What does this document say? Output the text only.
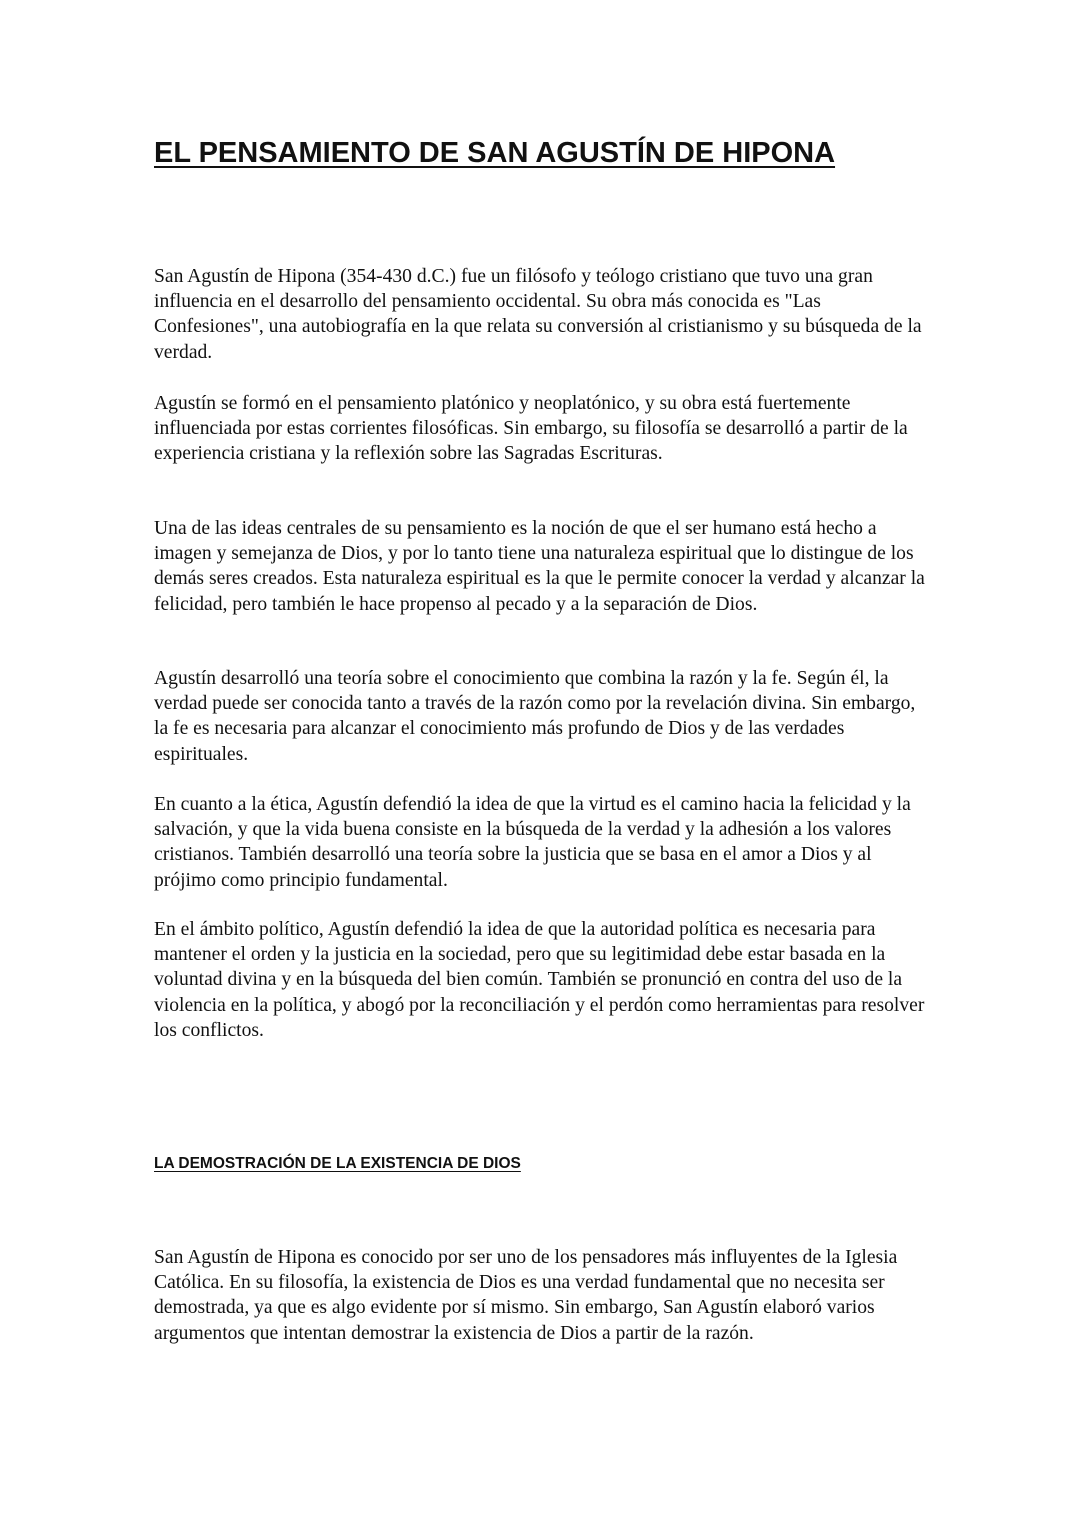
EL PENSAMIENTO DE SAN AGUSTÍN DE HIPONA

San Agustín de Hipona (354-430 d.C.) fue un filósofo y teólogo cristiano que tuvo una gran influencia en el desarrollo del pensamiento occidental. Su obra más conocida es "Las Confesiones", una autobiografía en la que relata su conversión al cristianismo y su búsqueda de la verdad.

Agustín se formó en el pensamiento platónico y neoplatónico, y su obra está fuertemente influenciada por estas corrientes filosóficas. Sin embargo, su filosofía se desarrolló a partir de la experiencia cristiana y la reflexión sobre las Sagradas Escrituras.

Una de las ideas centrales de su pensamiento es la noción de que el ser humano está hecho a imagen y semejanza de Dios, y por lo tanto tiene una naturaleza espiritual que lo distingue de los demás seres creados. Esta naturaleza espiritual es la que le permite conocer la verdad y alcanzar la felicidad, pero también le hace propenso al pecado y a la separación de Dios.

Agustín desarrolló una teoría sobre el conocimiento que combina la razón y la fe. Según él, la verdad puede ser conocida tanto a través de la razón como por la revelación divina. Sin embargo, la fe es necesaria para alcanzar el conocimiento más profundo de Dios y de las verdades espirituales.

En cuanto a la ética, Agustín defendió la idea de que la virtud es el camino hacia la felicidad y la salvación, y que la vida buena consiste en la búsqueda de la verdad y la adhesión a los valores cristianos. También desarrolló una teoría sobre la justicia que se basa en el amor a Dios y al prójimo como principio fundamental.

En el ámbito político, Agustín defendió la idea de que la autoridad política es necesaria para mantener el orden y la justicia en la sociedad, pero que su legitimidad debe estar basada en la voluntad divina y en la búsqueda del bien común. También se pronunció en contra del uso de la violencia en la política, y abogó por la reconciliación y el perdón como herramientas para resolver los conflictos.

LA DEMOSTRACIÓN DE LA EXISTENCIA DE DIOS

San Agustín de Hipona es conocido por ser uno de los pensadores más influyentes de la Iglesia Católica. En su filosofía, la existencia de Dios es una verdad fundamental que no necesita ser demostrada, ya que es algo evidente por sí mismo. Sin embargo, San Agustín elaboró varios argumentos que intentan demostrar la existencia de Dios a partir de la razón.
